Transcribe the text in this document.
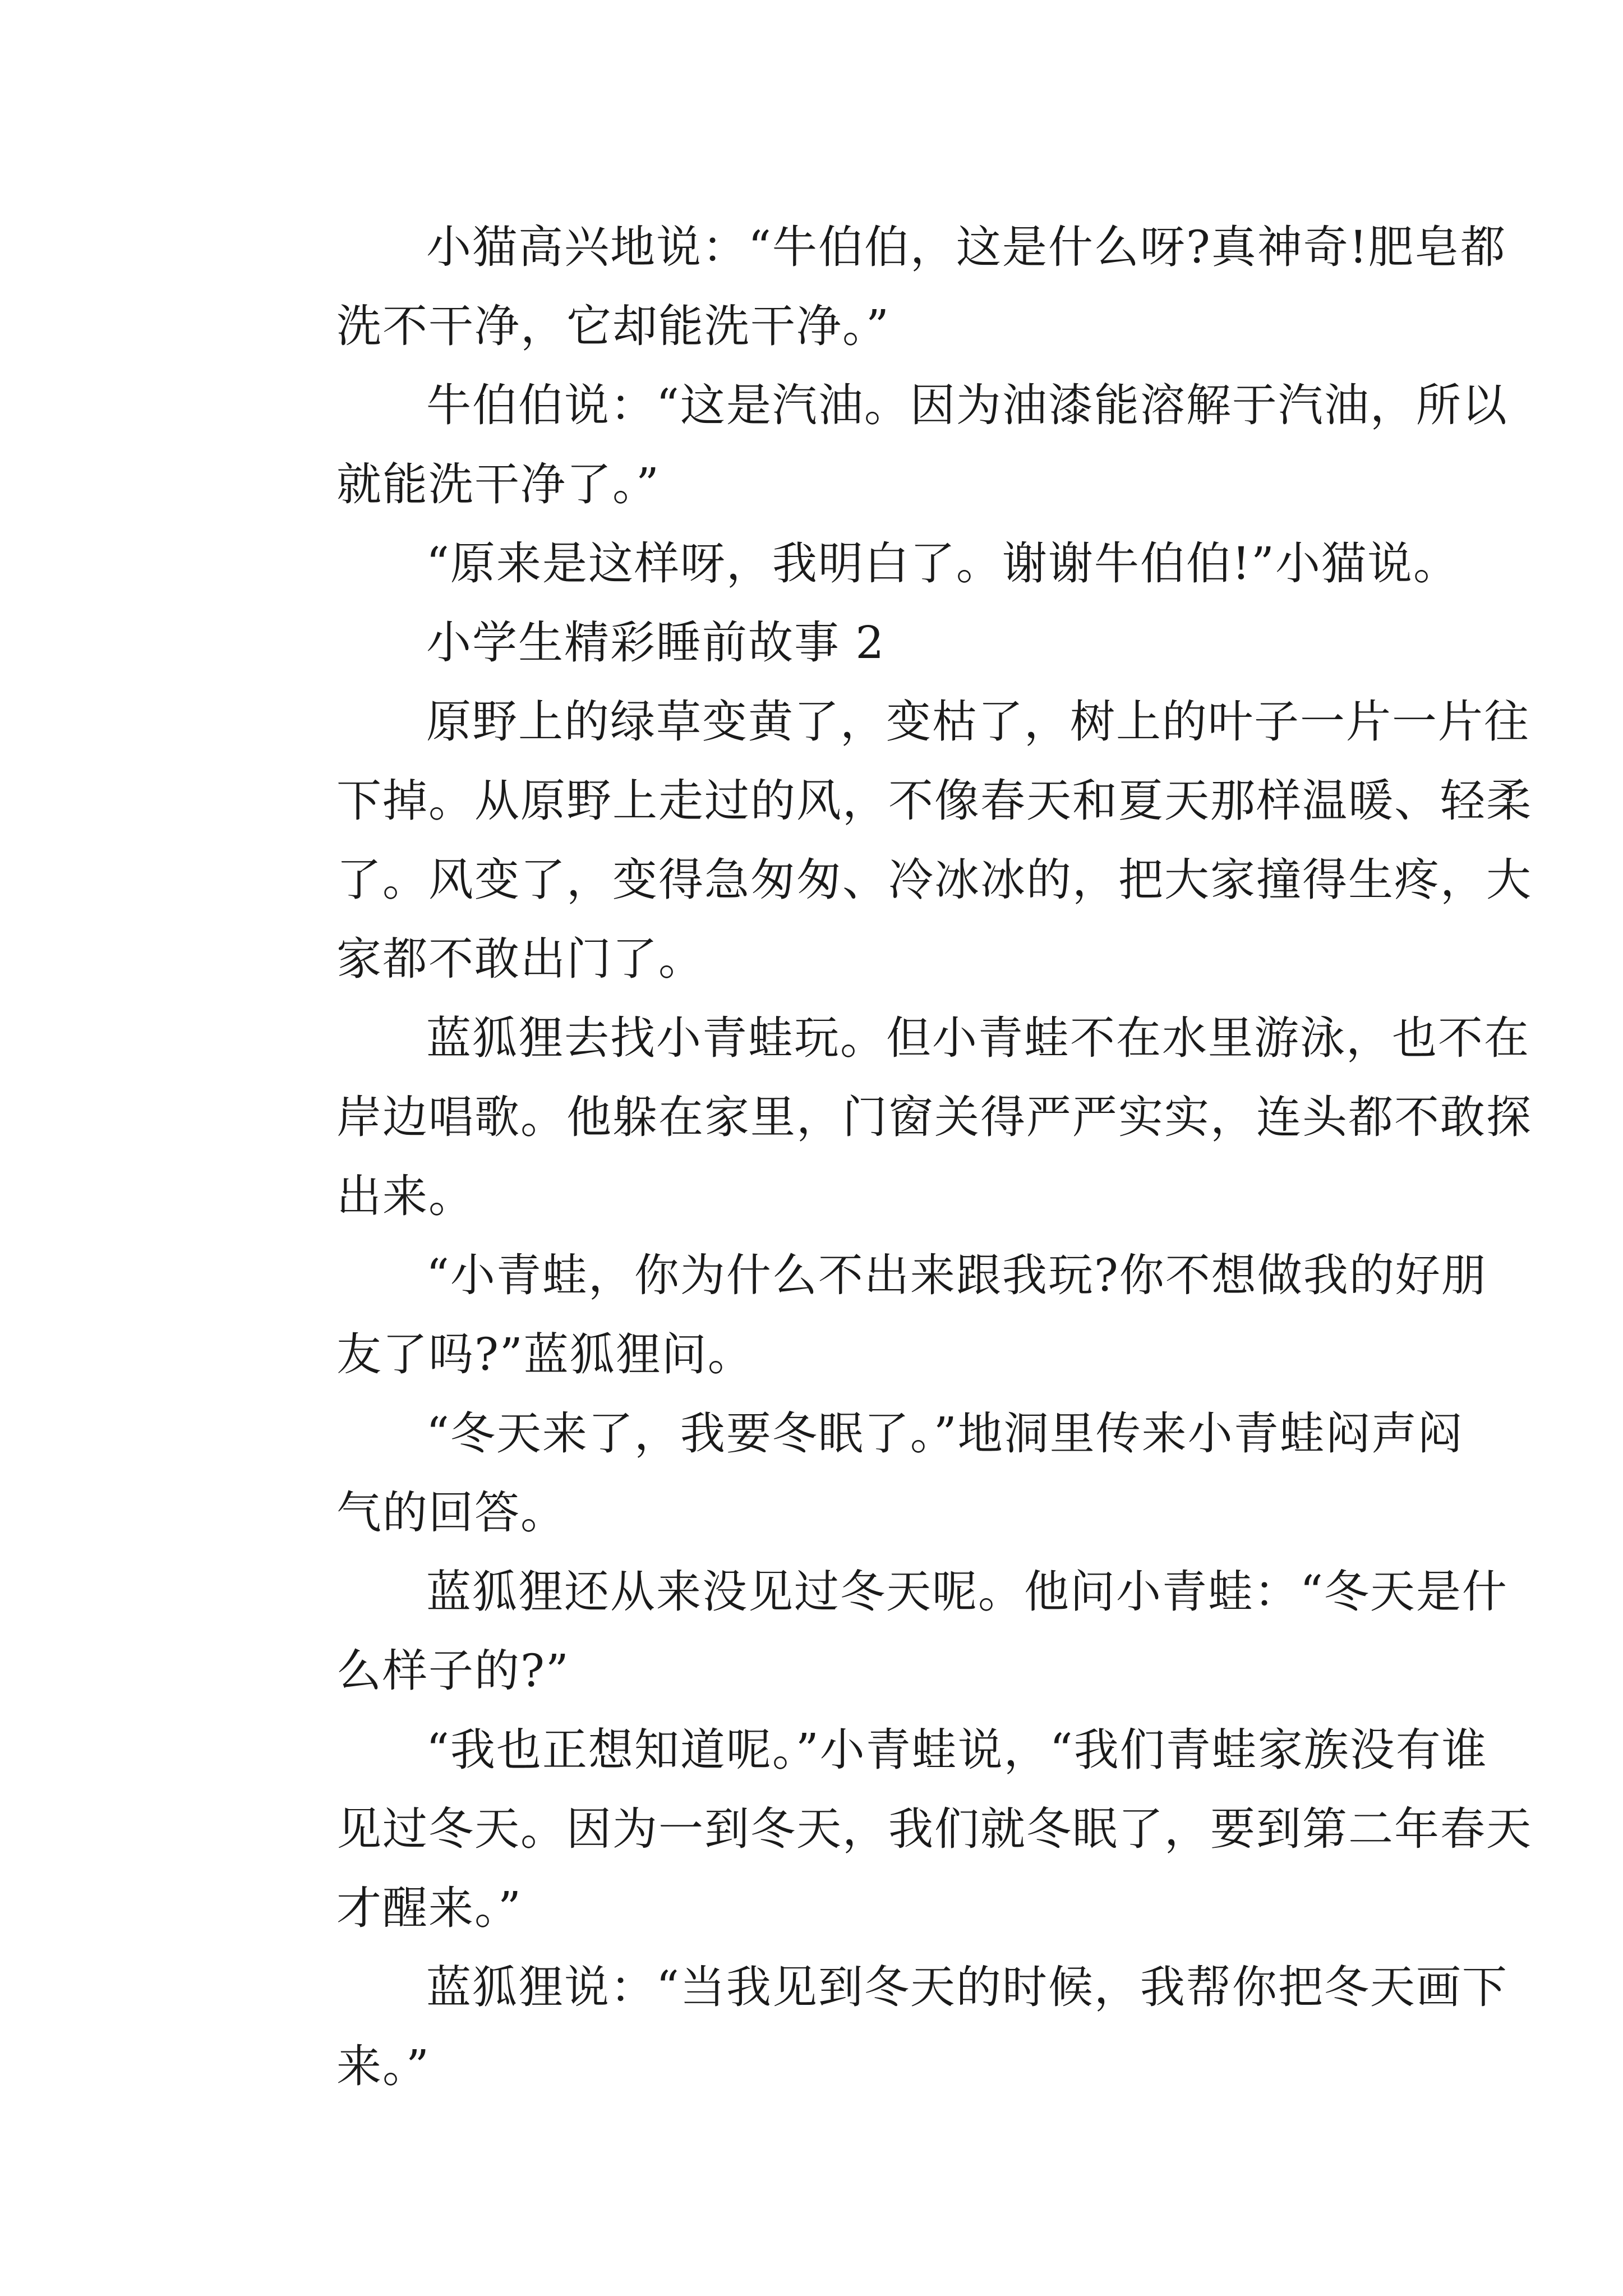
小猫高兴地说：“牛伯伯，这是什么呀?真神奇!肥皂都
洗不干净，它却能洗干净。”
牛伯伯说：“这是汽油。因为油漆能溶解于汽油，所以
就能洗干净了。”
“原来是这样呀，我明白了。谢谢牛伯伯!”小猫说。
小学生精彩睡前故事 2
原野上的绿草变黄了，变枯了，树上的叶子一片一片往
下掉。从原野上走过的风，不像春天和夏天那样温暖、轻柔
了。风变了，变得急匆匆、冷冰冰的，把大家撞得生疼，大
家都不敢出门了。
蓝狐狸去找小青蛙玩。但小青蛙不在水里游泳，也不在
岸边唱歌。他躲在家里，门窗关得严严实实，连头都不敢探
出来。
“小青蛙，你为什么不出来跟我玩?你不想做我的好朋
友了吗?”蓝狐狸问。
“冬天来了，我要冬眠了。”地洞里传来小青蛙闷声闷
气的回答。
蓝狐狸还从来没见过冬天呢。他问小青蛙：“冬天是什
么样子的?”
“我也正想知道呢。”小青蛙说，“我们青蛙家族没有谁
见过冬天。因为一到冬天，我们就冬眠了，要到第二年春天
才醒来。”
蓝狐狸说：“当我见到冬天的时候，我帮你把冬天画下
来。”
